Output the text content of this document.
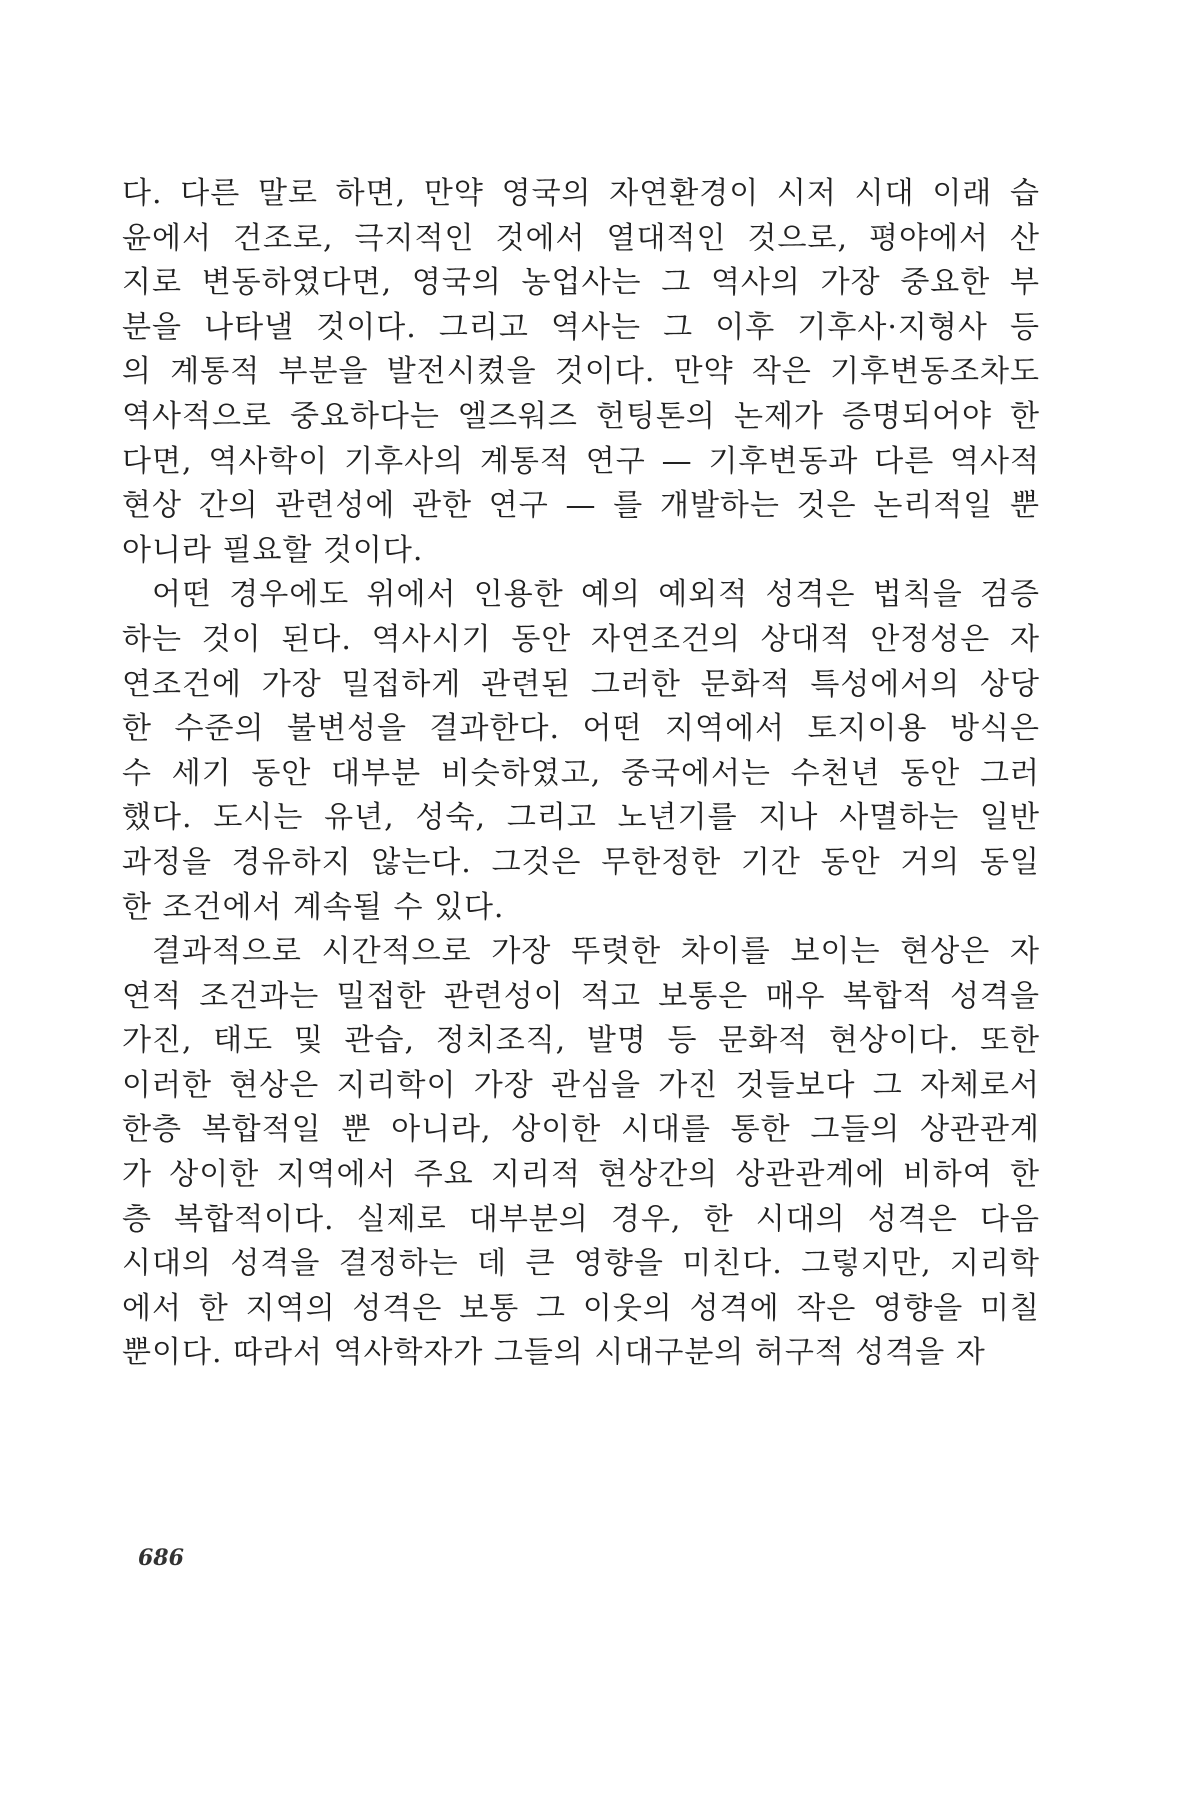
다. 다른 말로 하면, 만약 영국의 자연환경이 시저 시대 이래 습
윤에서 건조로, 극지적인 것에서 열대적인 것으로, 평야에서 산
지로 변동하였다면, 영국의 농업사는 그 역사의 가장 중요한 부
분을 나타낼 것이다. 그리고 역사는 그 이후 기후사·지형사 등
의 계통적 부분을 발전시켰을 것이다. 만약 작은 기후변동조차도
역사적으로 중요하다는 엘즈워즈 헌팅톤의 논제가 증명되어야 한
다면, 역사학이 기후사의 계통적 연구 — 기후변동과 다른 역사적
현상 간의 관련성에 관한 연구 — 를 개발하는 것은 논리적일 뿐
아니라 필요할 것이다.
어떤 경우에도 위에서 인용한 예의 예외적 성격은 법칙을 검증
하는 것이 된다. 역사시기 동안 자연조건의 상대적 안정성은 자
연조건에 가장 밀접하게 관련된 그러한 문화적 특성에서의 상당
한 수준의 불변성을 결과한다. 어떤 지역에서 토지이용 방식은
수 세기 동안 대부분 비슷하였고, 중국에서는 수천년 동안 그러
했다. 도시는 유년, 성숙, 그리고 노년기를 지나 사멸하는 일반
과정을 경유하지 않는다. 그것은 무한정한 기간 동안 거의 동일
한 조건에서 계속될 수 있다.
결과적으로 시간적으로 가장 뚜렷한 차이를 보이는 현상은 자
연적 조건과는 밀접한 관련성이 적고 보통은 매우 복합적 성격을
가진, 태도 및 관습, 정치조직, 발명 등 문화적 현상이다. 또한
이러한 현상은 지리학이 가장 관심을 가진 것들보다 그 자체로서
한층 복합적일 뿐 아니라, 상이한 시대를 통한 그들의 상관관계
가 상이한 지역에서 주요 지리적 현상간의 상관관계에 비하여 한
층 복합적이다. 실제로 대부분의 경우, 한 시대의 성격은 다음
시대의 성격을 결정하는 데 큰 영향을 미친다. 그렇지만, 지리학
에서 한 지역의 성격은 보통 그 이웃의 성격에 작은 영향을 미칠
뿐이다. 따라서 역사학자가 그들의 시대구분의 허구적 성격을 자
686
